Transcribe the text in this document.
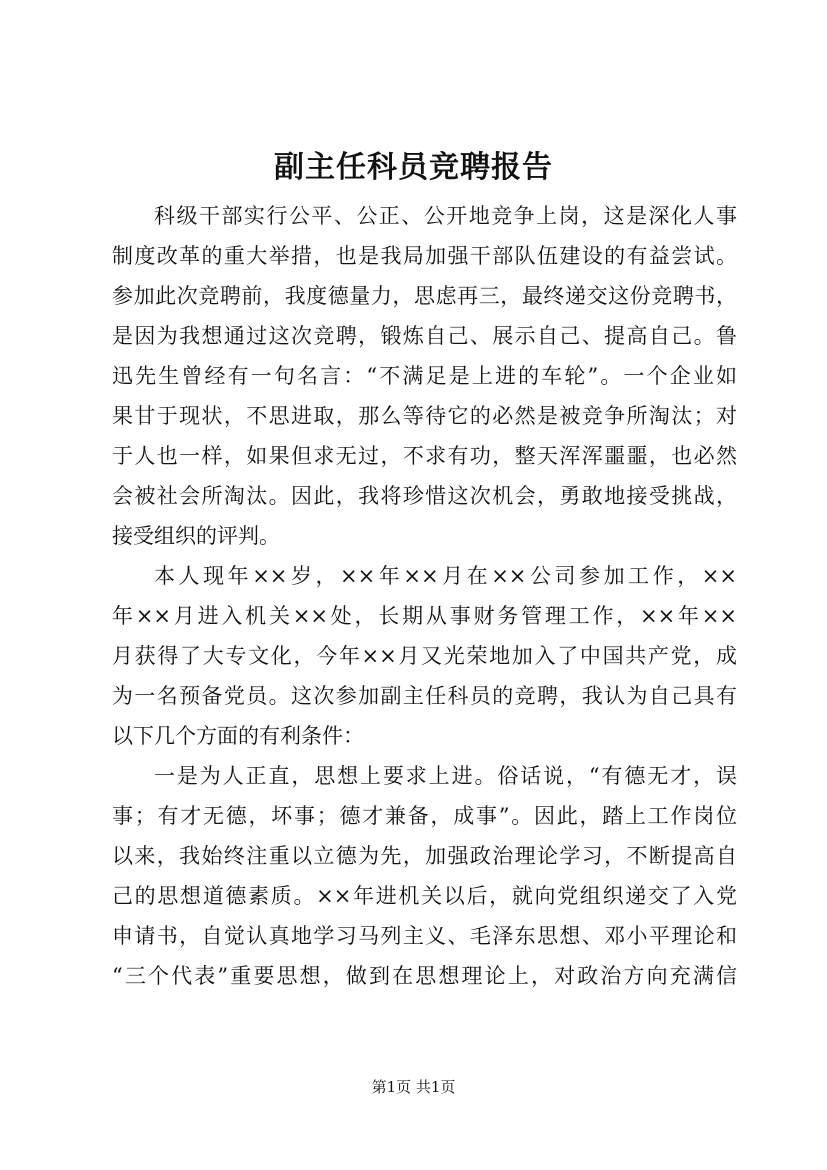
副主任科员竞聘报告
科级干部实行公平、公正、公开地竞争上岗，这是深化人事
制度改革的重大举措，也是我局加强干部队伍建设的有益尝试。
参加此次竞聘前，我度德量力，思虑再三，最终递交这份竞聘书，
是因为我想通过这次竞聘，锻炼自己、展示自己、提高自己。鲁
迅先生曾经有一句名言：“不满足是上进的车轮”。一个企业如
果甘于现状，不思进取，那么等待它的必然是被竞争所淘汰；对
于人也一样，如果但求无过，不求有功，整天浑浑噩噩，也必然
会被社会所淘汰。因此，我将珍惜这次机会，勇敢地接受挑战，
接受组织的评判。
本人现年××岁，××年××月在××公司参加工作，××
年××月进入机关××处，长期从事财务管理工作，××年××
月获得了大专文化，今年××月又光荣地加入了中国共产党，成
为一名预备党员。这次参加副主任科员的竞聘，我认为自己具有
以下几个方面的有利条件：
一是为人正直，思想上要求上进。俗话说，“有德无才，误
事；有才无德，坏事；德才兼备，成事”。因此，踏上工作岗位
以来，我始终注重以立德为先，加强政治理论学习，不断提高自
己的思想道德素质。××年进机关以后，就向党组织递交了入党
申请书，自觉认真地学习马列主义、毛泽东思想、邓小平理论和
“三个代表”重要思想，做到在思想理论上，对政治方向充满信
第1页 共1页
